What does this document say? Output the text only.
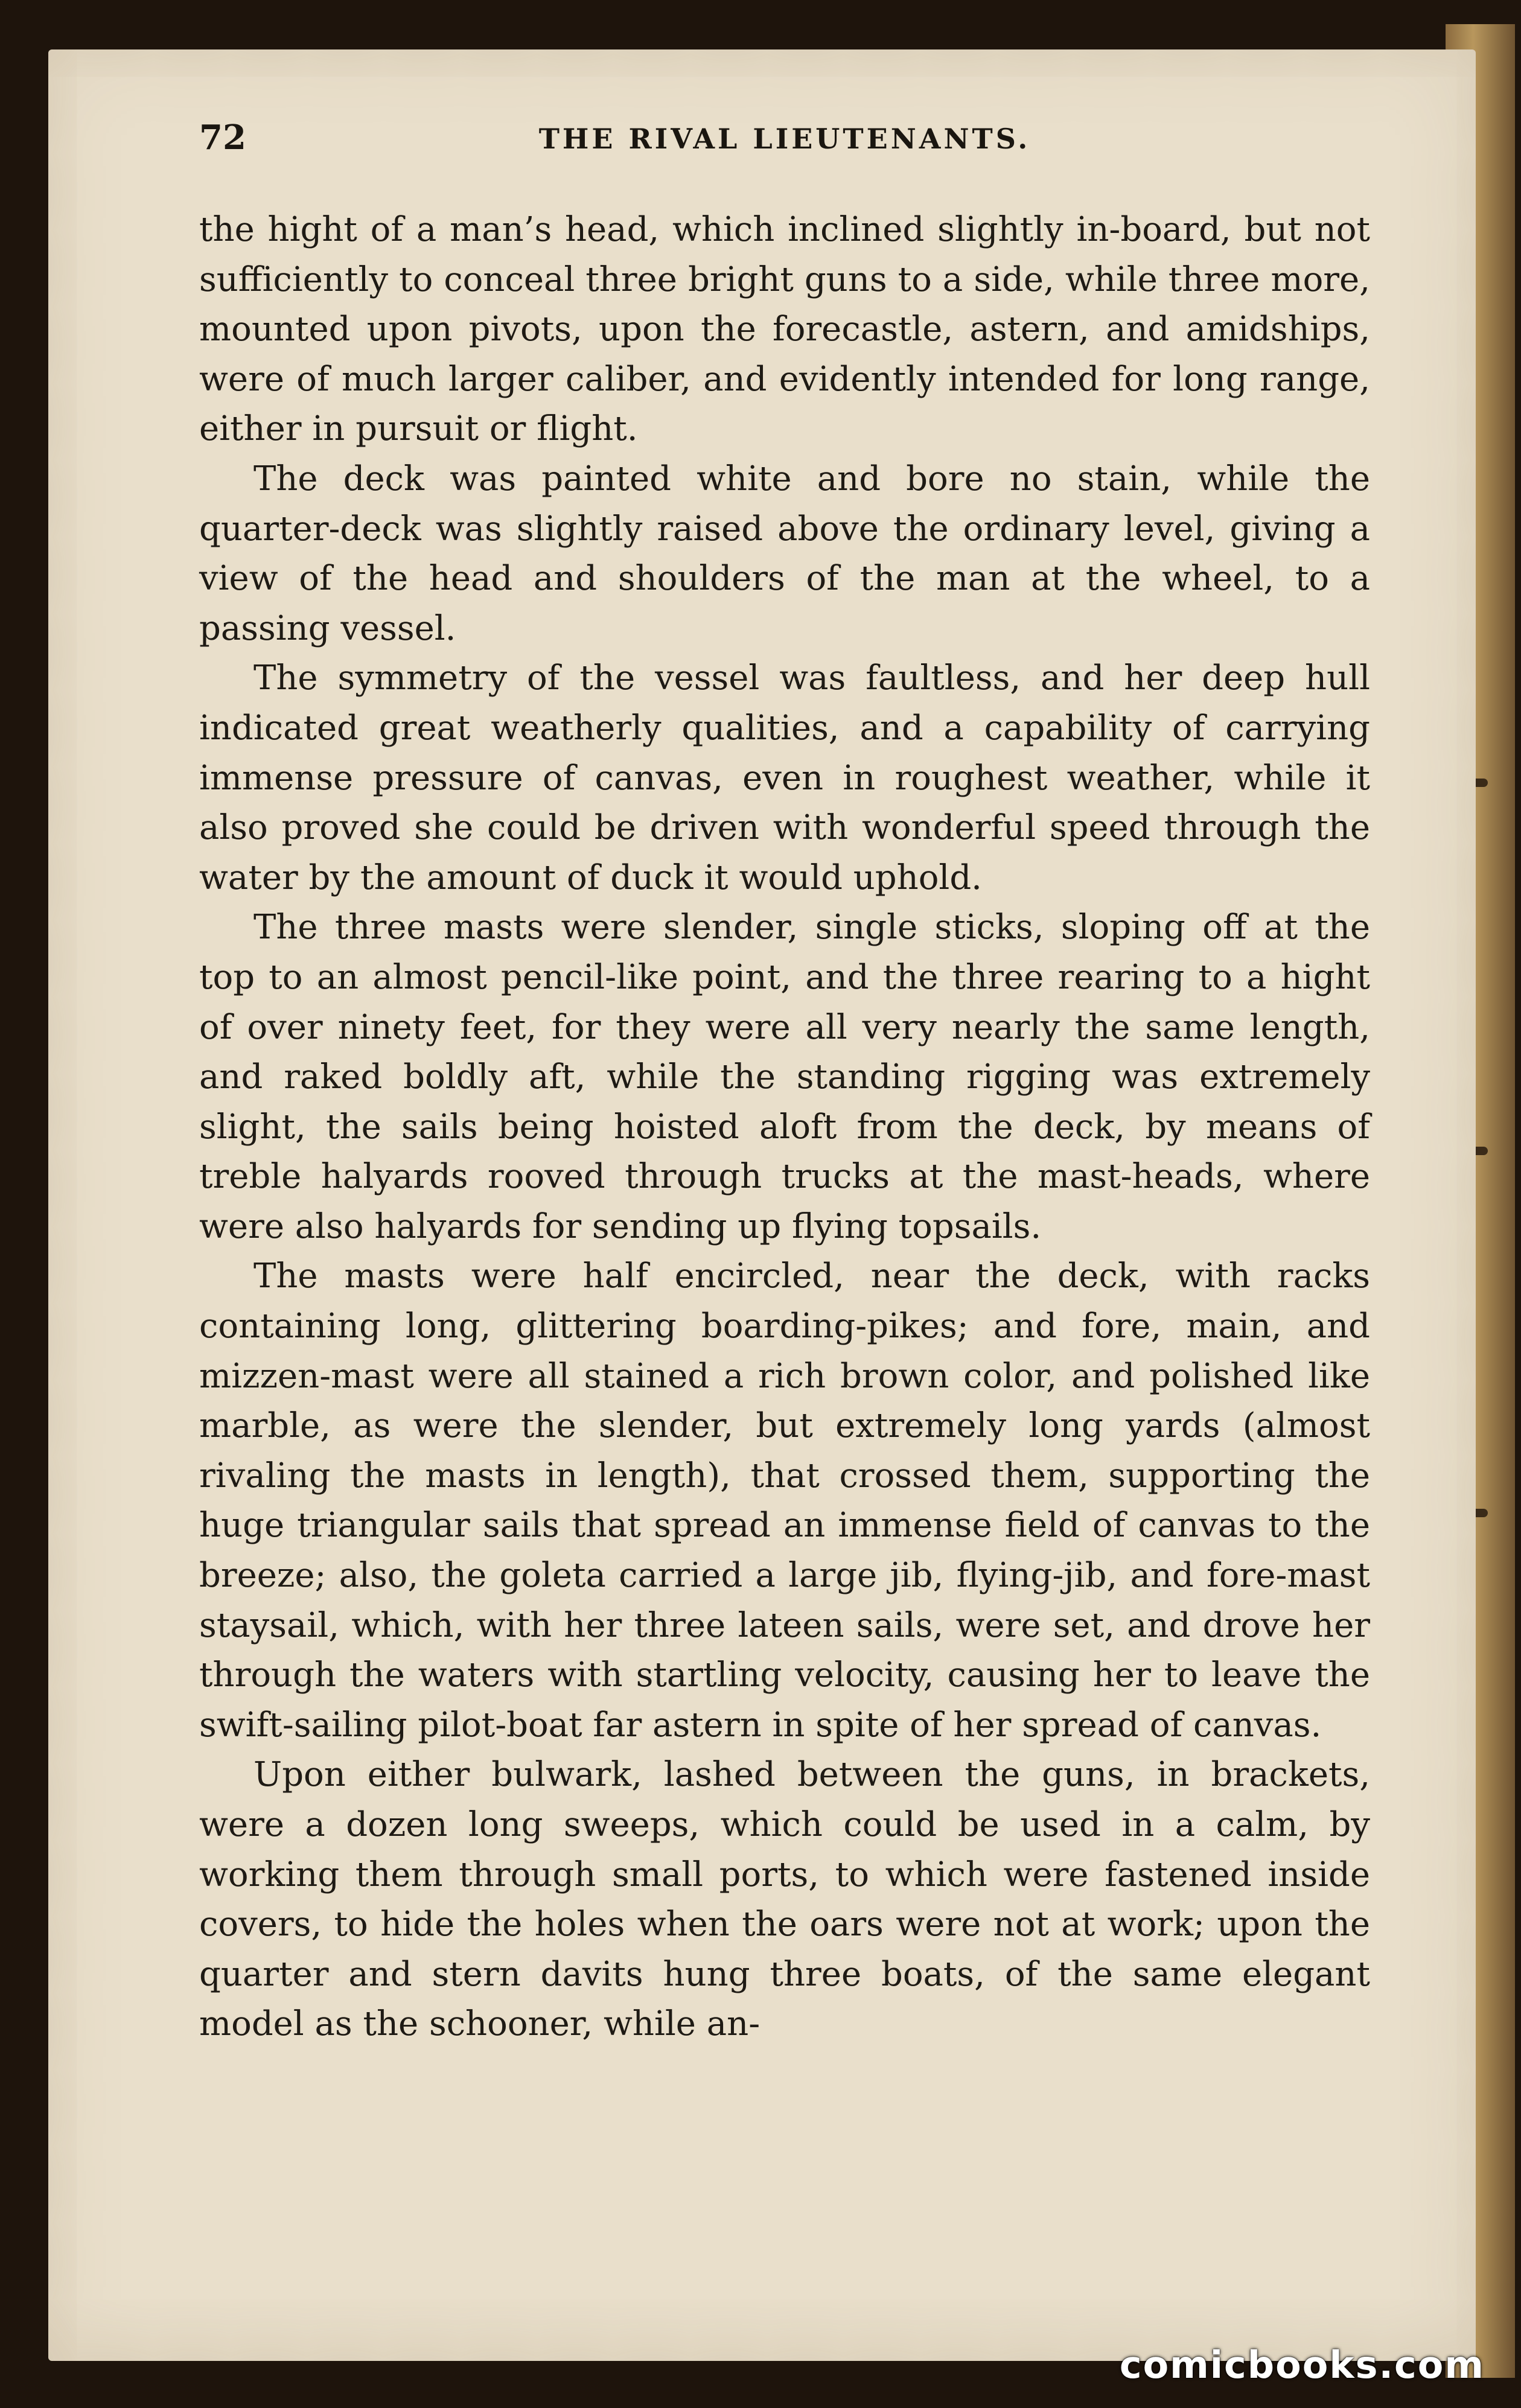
72	THE RIVAL LIEUTENANTS.

the hight of a man’s head, which inclined slightly in-board, but not sufficiently to conceal three bright guns to a side, while three more, mounted upon pivots, upon the forecastle, astern, and amidships, were of much larger caliber, and evidently intended for long range, either in pursuit or flight.

The deck was painted white and bore no stain, while the quarter-deck was slightly raised above the ordinary level, giving a view of the head and shoulders of the man at the wheel, to a passing vessel.

The symmetry of the vessel was faultless, and her deep hull indicated great weatherly qualities, and a capability of carrying immense pressure of canvas, even in roughest weather, while it also proved she could be driven with wonderful speed through the water by the amount of duck it would uphold.

The three masts were slender, single sticks, sloping off at the top to an almost pencil-like point, and the three rearing to a hight of over ninety feet, for they were all very nearly the same length, and raked boldly aft, while the standing rigging was extremely slight, the sails being hoisted aloft from the deck, by means of treble halyards rooved through trucks at the mast-heads, where were also halyards for sending up flying topsails.

The masts were half encircled, near the deck, with racks containing long, glittering boarding-pikes; and fore, main, and mizzen-mast were all stained a rich brown color, and polished like marble, as were the slender, but extremely long yards (almost rivaling the masts in length), that crossed them, supporting the huge triangular sails that spread an immense field of canvas to the breeze; also, the goleta carried a large jib, flying-jib, and fore-mast staysail, which, with her three lateen sails, were set, and drove her through the waters with startling velocity, causing her to leave the swift-sailing pilot-boat far astern in spite of her spread of canvas.

Upon either bulwark, lashed between the guns, in brackets, were a dozen long sweeps, which could be used in a calm, by working them through small ports, to which were fastened inside covers, to hide the holes when the oars were not at work; upon the quarter and stern davits hung three boats, of the same elegant model as the schooner, while an-

comicbooks.com
